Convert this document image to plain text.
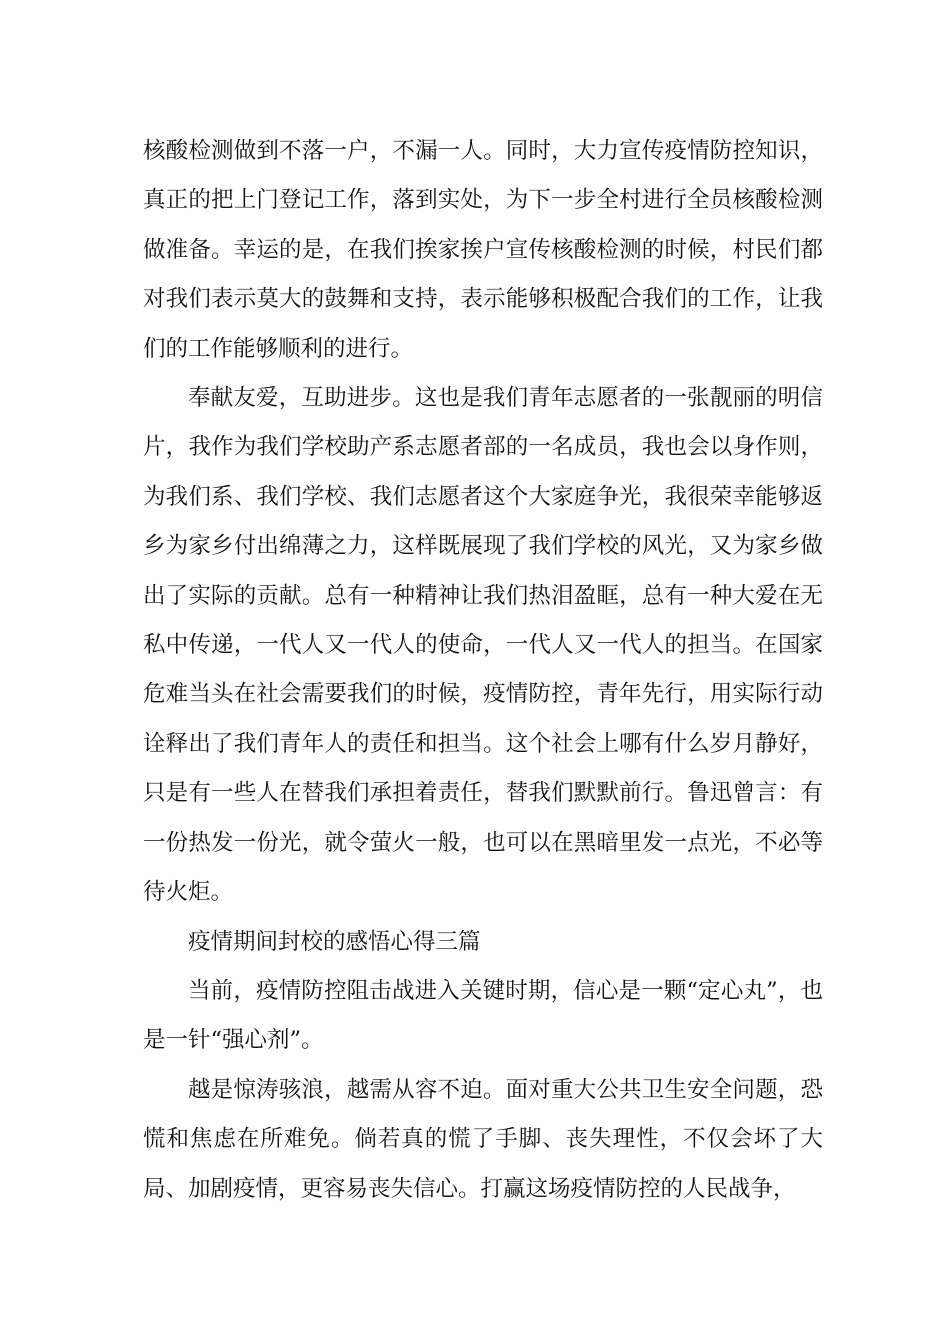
核酸检测做到不落一户，不漏一人。同时，大力宣传疫情防控知识，真正的把上门登记工作，落到实处，为下一步全村进行全员核酸检测做准备。幸运的是，在我们挨家挨户宣传核酸检测的时候，村民们都对我们表示莫大的鼓舞和支持，表示能够积极配合我们的工作，让我们的工作能够顺利的进行。

奉献友爱，互助进步。这也是我们青年志愿者的一张靓丽的明信片，我作为我们学校助产系志愿者部的一名成员，我也会以身作则，为我们系、我们学校、我们志愿者这个大家庭争光，我很荣幸能够返乡为家乡付出绵薄之力，这样既展现了我们学校的风光，又为家乡做出了实际的贡献。总有一种精神让我们热泪盈眶，总有一种大爱在无私中传递，一代人又一代人的使命，一代人又一代人的担当。在国家危难当头在社会需要我们的时候，疫情防控，青年先行，用实际行动诠释出了我们青年人的责任和担当。这个社会上哪有什么岁月静好，只是有一些人在替我们承担着责任，替我们默默前行。鲁迅曾言：有一份热发一份光，就令萤火一般，也可以在黑暗里发一点光，不必等待火炬。

疫情期间封校的感悟心得三篇

当前，疫情防控阻击战进入关键时期，信心是一颗“定心丸”，也是一针“强心剂”。

越是惊涛骇浪，越需从容不迫。面对重大公共卫生安全问题，恐慌和焦虑在所难免。倘若真的慌了手脚、丧失理性，不仅会坏了大局、加剧疫情，更容易丧失信心。打赢这场疫情防控的人民战争，
